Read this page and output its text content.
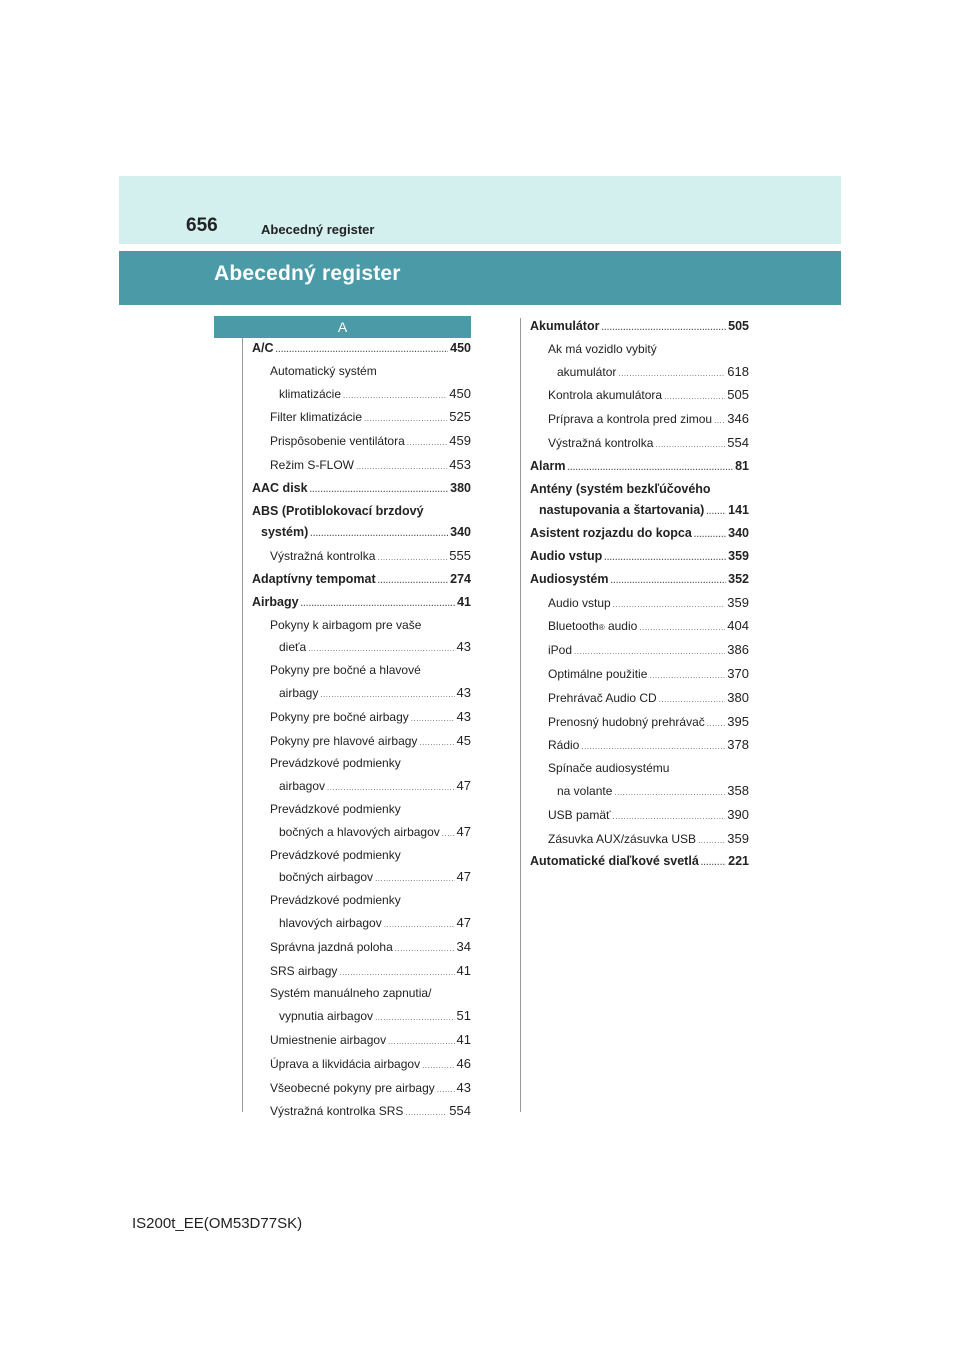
656	Abecedný register
Abecedný register
A
A/C .....	450
Automatický systém
klimatizácie .....	450
Filter klimatizácie .....	525
Prispôsobenie ventilátora .....	459
Režim S-FLOW .....	453
AAC disk .....	380
ABS (Protiblokovací brzdový
systém) .....	340
Výstražná kontrolka .....	555
Adaptívny tempomat .....	274
Airbagy .....	41
Pokyny k airbagom pre vaše
dieťa .....	43
Pokyny pre bočné a hlavové
airbagy .....	43
Pokyny pre bočné airbagy .....	43
Pokyny pre hlavové airbagy .....	45
Prevádzkové podmienky
airbagov .....	47
Prevádzkové podmienky
bočných a hlavových airbagov ..... 47
Prevádzkové podmienky
bočných airbagov .....	47
Prevádzkové podmienky
hlavových airbagov .....	47
Správna jazdná poloha .....	34
SRS airbagy .....	41
Systém manuálneho zapnutia/
vypnutia airbagov .....	51
Umiestnenie airbagov .....	41
Úprava a likvidácia airbagov .....	46
Všeobecné pokyny pre airbagy ..... 43
Výstražná kontrolka SRS .....	554
Akumulátor .....	505
Ak má vozidlo vybitý
akumulátor .....	618
Kontrola akumulátora .....	505
Príprava a kontrola pred zimou ..... 346
Výstražná kontrolka .....	554
Alarm .....	81
Antény (systém bezkľúčového
nastupovania a štartovania) ..... 141
Asistent rozjazdu do kopca .....	340
Audio vstup .....	359
Audiosystém .....	352
Audio vstup .....	359
Bluetooth ® audio .....	404
iPod .....	386
Optimálne použitie .....	370
Prehrávač Audio CD .....	380
Prenosný hudobný prehrávač ..... 395
Rádio .....	378
Spínače audiosystému
na volante .....	358
USB pamäť .....	390
Zásuvka AUX/zásuvka USB ..... 359
Automatické diaľkové svetlá ..... 221
IS200t_EE(OM53D77SK)
